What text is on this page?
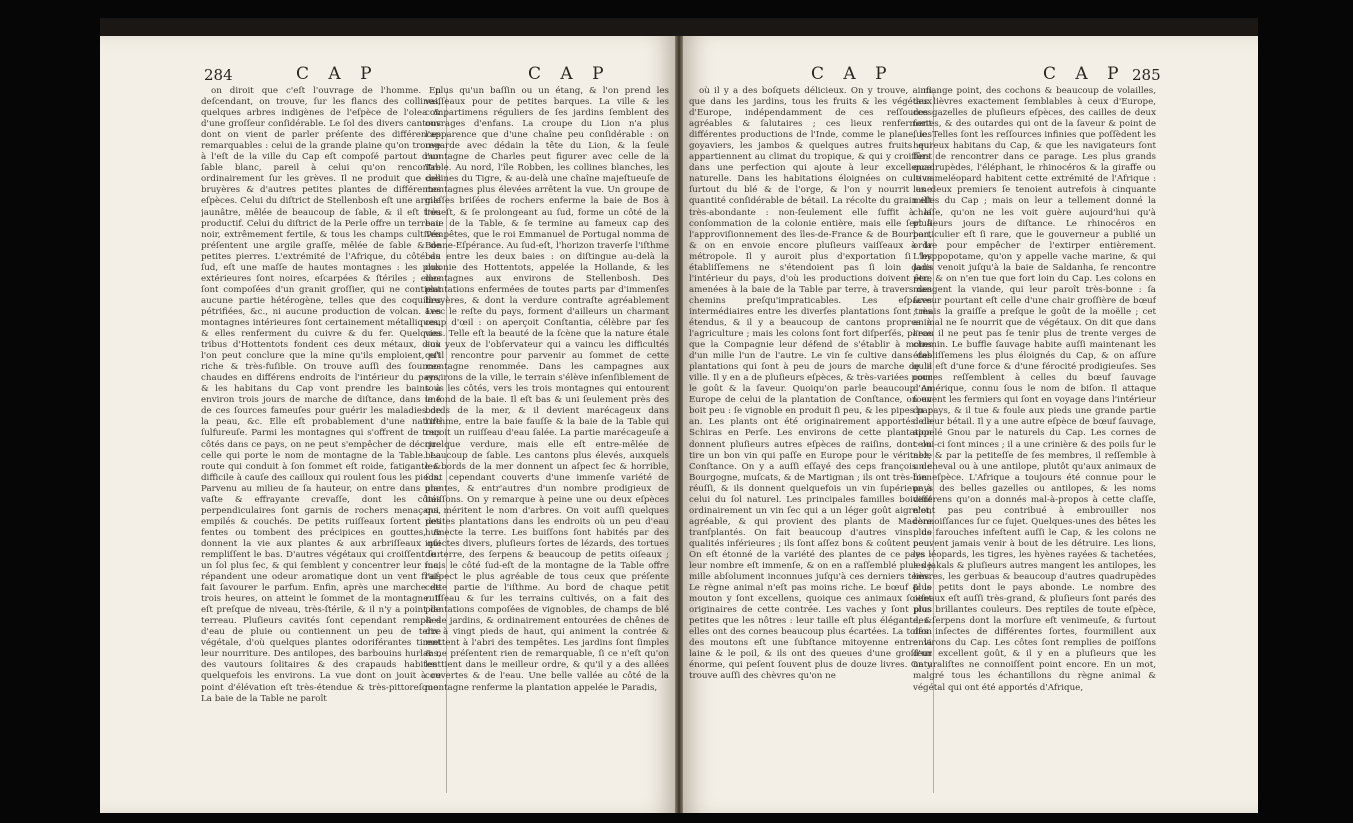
284	C A P	C A P

on diroit que c'eſt l'ouvrage de l'homme. En deſcendant, on trouve, ſur les flancs des collines, quelques arbres indigènes de l'eſpèce de l'olea & d'une groſſeur conſidérable. Le ſol des divers cantons dont on vient de parler préſente des différences remarquables : celui de la grande plaine qu'on trouve à l'eſt de la ville du Cap eſt compoſé partout d'un ſable blanc, pareil à celui qu'on rencontre ordinairement ſur les grèves. Il ne produit que des bruyères & d'autres petites plantes de différentes eſpèces. Celui du diſtrict de Stellenbosh eſt une argile jaunâtre, mêlée de beaucoup de ſable, & il eſt très productif. Celui du diſtrict de la Perle offre un terreau noir, extrêmement fertile, & tous les champs cultivés préſentent une argile graſſe, mêlée de ſable & de petites pierres. L'extrémité de l'Afrique, du côté du ſud, eſt une maſſe de hautes montagnes : les plus extérieures ſont noires, eſcarpées & ſtériles ; elles ſont compoſées d'un granit groſſier, qui ne contient aucune partie hétérogène, telles que des coquilles pétrifiées, &c., ni aucune production de volcan. Les montagnes intérieures ſont certainement métalliques, & elles renferment du cuivre & du fer. Quelques tribus d'Hottentots fondent ces deux métaux, d'où l'on peut conclure que la mine qu'ils emploient, eſt riche & très-fuſible. On trouve auſſi des ſources chaudes en différens endroits de l'intérieur du pays, & les habitans du Cap vont prendre les bains à environ trois jours de marche de diſtance, dans une de ces ſources fameuſes pour guérir les maladies de la peau, &c. Elle eſt probablement d'une nature ſulfureuſe. Parmi les montagnes qui s'offrent de tous côtés dans ce pays, on ne peut s'empêcher de décrire celle qui porte le nom de montagne de la Table. La route qui conduit à ſon ſommet eſt roide, fatigante & difficile à cauſe des cailloux qui roulent ſous les pieds. Parvenu au milieu de ſa hauteur, on entre dans une vaſte & effrayante crevaſſe, dont les côtés perpendiculaires ſont garnis de rochers menaçans, empilés & couchés. De petits ruiſſeaux ſortent des fentes ou tombent des précipices en gouttes, & donnent la vie aux plantes & aux arbriſſeaux qui rempliſſent le bas. D'autres végétaux qui croiſſent ſur un ſol plus ſec, & qui ſemblent y concentrer leur ſuc, répandent une odeur aromatique dont un vent frais fait ſavourer le parfum. Enfin, après une marche de trois heures, on atteint le ſommet de la montagne. Il eſt preſque de niveau, très-ſtérile, & il n'y a point de terreau. Pluſieurs cavités ſont cependant remplies d'eau de pluie ou contiennent un peu de terre végétale, d'où quelques plantes odoriférantes tirent leur nourriture. Des antilopes, des barbouins hurlans, des vautours ſolitaires & des crapauds habitent quelquefois les environs. La vue dont on jouit à ce point d'élévation eſt très-étendue & très-pittoreſque. La baie de la Table ne paroît

plus qu'un baſſin ou un étang, & l'on prend les vaiſſeaux pour de petites barques. La ville & les compartimens réguliers de ſes jardins ſemblent des ouvrages d'enfans. La croupe du Lion n'a plus l'apparence que d'une chaîne peu conſidérable : on regarde avec dédain la tête du Lion, & la ſeule montagne de Charles peut figurer avec celle de la Table. Au nord, l'île Robben, les collines blanches, les collines du Tigre, & au-delà une chaîne majeſtueuſe de montagnes plus élevées arrêtent la vue. Un groupe de maſſes briſées de rochers enferme la baie de Bos à l'oueſt, & ſe prolongeant au ſud, forme un côté de la baie de la Table, & ſe termine au fameux cap des Tempêtes, que le roi Emmanuel de Portugal nomma de Bonne-Eſpérance. Au ſud-eſt, l'horizon traverſe l'iſthme bas entre les deux baies : on diſtingue au-delà la colonie des Hottentots, appelée la Hollande, & les montagnes aux environs de Stellenbosh. Des plantations enfermées de toutes parts par d'immenſes bruyères, & dont la verdure contraſte agréablement avec le reſte du pays, forment d'ailleurs un charmant coup d'œil : on aperçoit Conſtantia, célèbre par ſes vins. Telle eſt la beauté de la ſcène que la nature étale aux yeux de l'obſervateur qui a vaincu les difficultés qu'il rencontre pour parvenir au ſommet de cette montagne renommée. Dans les campagnes aux environs de la ville, le terrain s'élève inſenſiblement de tous les côtés, vers les trois montagnes qui entourent le fond de la baie. Il eſt bas & uni ſeulement près des bords de la mer, & il devient marécageux dans l'iſthme, entre la baie fauſſe & la baie de la Table qui reçoit un ruiſſeau d'eau ſalée. La partie marécageuſe a quelque verdure, mais elle eſt entre-mêlée de beaucoup de ſable. Les cantons plus élevés, auxquels les bords de la mer donnent un aſpect ſec & horrible, ſont cependant couverts d'une immenſe variété de plantes, & entr'autres d'un nombre prodigieux de buiſſons. On y remarque à peine une ou deux eſpèces qui méritent le nom d'arbres. On voit auſſi quelques petites plantations dans les endroits où un peu d'eau humecte la terre. Les buiſſons ſont habités par des inſectes divers, pluſieurs ſortes de lézards, des tortues de terre, des ſerpens & beaucoup de petits oiſeaux ; mais le côté ſud-eſt de la montagne de la Table offre l'aſpect le plus agréable de tous ceux que préſente cette partie de l'iſthme. Au bord de chaque petit ruiſſeau & ſur les terrains cultivés, on a fait des plantations compoſées de vignobles, de champs de blé & de jardins, & ordinairement entourées de chênes de dix à vingt pieds de haut, qui animent la contrée & mettent à l'abri des tempêtes. Les jardins ſont ſimples & ne préſentent rien de remarquable, ſi ce n'eſt qu'on les tient dans le meilleur ordre, & qu'il y a des allées couvertes & de l'eau. Une belle vallée au côté de la montagne renferme la plantation appelée le Paradis,

C A P	C A P 285

où il y a des boſquets délicieux. On y trouve, ainſi que dans les jardins, tous les fruits & les végétaux d'Europe, indépendamment de ces reſſources agréables & ſalutaires ; ces lieux renferment différentes productions de l'Inde, comme le plane, les goyaviers, les jambos & quelques autres fruits qui appartiennent au climat du tropique, & qui y croiſſent dans une perfection qui ajoute à leur excellence naturelle. Dans les habitations éloignées on cultive ſurtout du blé & de l'orge, & l'on y nourrit une quantité conſidérable de bétail. La récolte du grain eſt très-abondante : non-ſeulement elle ſuffit à la conſommation de la colonie entière, mais elle ſert à l'approviſionnement des îles-de-France & de Bourbon, & on en envoie encore pluſieurs vaiſſeaux à la métropole. Il y auroit plus d'exportation ſi les établiſſemens ne s'étendoient pas ſi loin dans l'intérieur du pays, d'où les productions doivent être amenées à la baie de la Table par terre, à travers des chemins preſqu'impraticables. Les eſpaces intermédiaires entre les diverſes plantations ſont très étendus, & il y a beaucoup de cantons propres à l'agriculture ; mais les colons ſont fort diſperſés, parce que la Compagnie leur défend de s'établir à moins d'un mille l'un de l'autre. Le vin ſe cultive dans des plantations qui ſont à peu de jours de marche de la ville. Il y en a de pluſieurs eſpèces, & très-variées pour le goût & la ſaveur. Quoiqu'on parle beaucoup en Europe de celui de la plantation de Conſtance, on en boit peu : ſe vignoble en produit ſi peu, & les pipes par an. Les plants ont été originairement apportés de Schiras en Perſe. Les environs de cette plantation donnent pluſieurs autres eſpèces de raiſins, dont on tire un bon vin qui paſſe en Europe pour le véritable Conſtance. On y a auſſi eſſayé des ceps françois de Bourgogne, muſcats, & de Martignan ; ils ont très-bien réuſſi, & ils donnent quelquefois un vin ſupérieur à celui du ſol naturel. Les principales familles boivent ordinairement un vin ſec qui a un léger goût aigrelet, agréable, & qui provient des plants de Madère tranſplantés. On fait beaucoup d'autres vins de qualités inférieures ; ils ſont aſſez bons & coûtent peu. On eſt étonné de la variété des plantes de ce pays : leur nombre eſt immenſe, & on en a raſſemblé plus de mille abſolument inconnues juſqu'à ces derniers tems. Le règne animal n'eſt pas moins riche. Le bœuf & le mouton y ſont excellens, quoique ces animaux ſoient originaires de cette contrée. Les vaches y ſont plus petites que les nôtres : leur taille eſt plus élégante, & elles ont des cornes beaucoup plus écartées. La toiſon des moutons eſt une ſubſtance mitoyenne entre la laine & le poil, & ils ont des queues d'une groſſeur énorme, qui peſent ſouvent plus de douze livres. On y trouve auſſi des chèvres qu'on ne

mange point, des cochons & beaucoup de volailles, des lièvres exactement ſemblables à ceux d'Europe, des gazelles de pluſieurs eſpèces, des cailles de deux ſortes, & des outardes qui ont de la ſaveur & point de ſuc. Telles ſont les reſſources infinies que poſſèdent les heureux habitans du Cap, & que les navigateurs ſont ſûrs de rencontrer dans ce parage. Les plus grands quadrupèdes, l'éléphant, le rhinocéros & la giraffe ou le cameléopard habitent cette extrémité de l'Afrique : les deux premiers ſe tenoient autrefois à cinquante milles du Cap ; mais on leur a tellement donné la chaſſe, qu'on ne les voit guère aujourd'hui qu'à pluſieurs jours de diſtance. Le rhinocéros en particulier eſt ſi rare, que le gouverneur a publié un ordre pour empêcher de l'extirper entièrement. L'hyppopotame, qu'on y appelle vache marine, & qui jadis venoit juſqu'à la baie de Saldanha, ſe rencontre peu, & on n'en tue que fort loin du Cap. Les colons en mangent la viande, qui leur paroît très-bonne : ſa ſaveur pourtant eſt celle d'une chair groſſière de bœuf ; mais la graiſſe a preſque le goût de la moëlle ; cet animal ne ſe nourrit que de végétaux. On dit que dans l'eau il ne peut pas ſe tenir plus de trente verges de chemin. Le buffle ſauvage habite auſſi maintenant les établiſſemens les plus éloignés du Cap, & on aſſure qu'il eſt d'une force & d'une férocité prodigieuſes. Ses cornes reſſemblent à celles du bœuf ſauvage d'Amérique, connu ſous le nom de biſon. Il attaque ſouvent les fermiers qui ſont en voyage dans l'intérieur du pays, & il tue & foule aux pieds une grande partie de leur bétail. Il y a une autre eſpèce de bœuf ſauvage, appelé Gnou par le naturels du Cap. Les cornes de celui-ci ſont minces ; il a une crinière & des poils ſur le nez, & par la petiteſſe de ſes membres, il reſſemble à un cheval ou à une antilope, plutôt qu'aux animaux de ſon eſpèce. L'Afrique a toujours été connue pour le pays des belles gazelles ou antilopes, & les noms différens qu'on a donnés mal-à-propos à cette claſſe, n'ont pas peu contribué à embrouiller nos connoiſſances ſur ce ſujet. Quelques-unes des bêtes les plus farouches infeſtent auſſi le Cap, & les colons ne peuvent jamais venir à bout de les détruire. Les lions, les léopards, les tigres, les hyènes rayées & tachetées, les jakals & pluſieurs autres mangent les antilopes, les lièvres, les gerbuas & beaucoup d'autres quadrupèdes plus petits dont le pays abonde. Le nombre des oiſeaux eſt auſſi très-grand, & pluſieurs ſont parés des plus brillantes couleurs. Des reptiles de toute eſpèce, des ſerpens dont la morſure eſt venimeuſe, & ſurtout des inſectes de différentes ſortes, fourmillent aux environs du Cap. Les côtes ſont remplies de poiſſons d'un excellent goût, & il y en a pluſieurs que les naturaliſtes ne connoiſſent point encore. En un mot, malgré tous les échantillons du règne animal & végétal qui ont été apportés d'Afrique,
